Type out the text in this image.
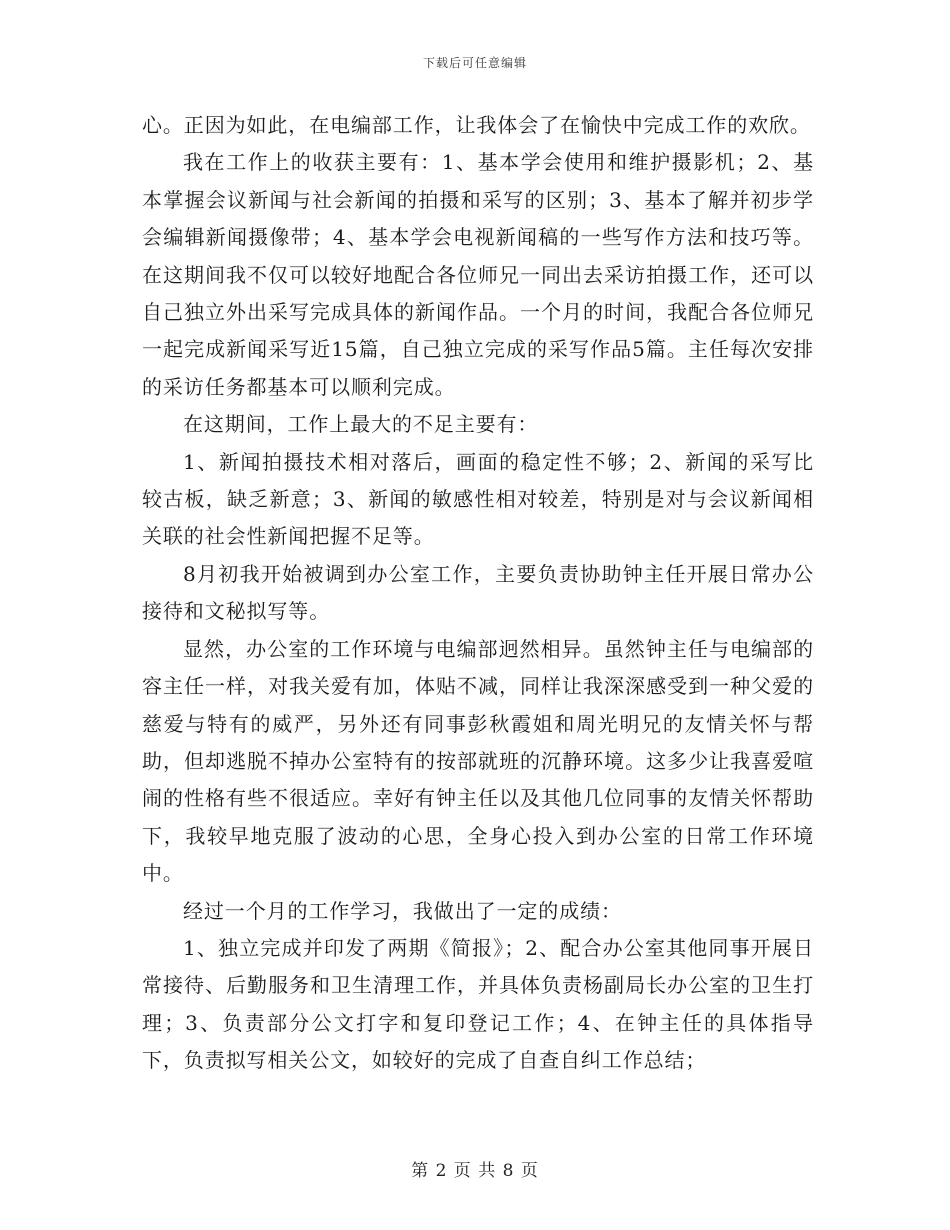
下载后可任意编辑

心。正因为如此，在电编部工作，让我体会了在愉快中完成工作的欢欣。

我在工作上的收获主要有：1、基本学会使用和维护摄影机；2、基本掌握会议新闻与社会新闻的拍摄和采写的区别；3、基本了解并初步学会编辑新闻摄像带；4、基本学会电视新闻稿的一些写作方法和技巧等。在这期间我不仅可以较好地配合各位师兄一同出去采访拍摄工作，还可以自己独立外出采写完成具体的新闻作品。一个月的时间，我配合各位师兄一起完成新闻采写近15篇，自己独立完成的采写作品5篇。主任每次安排的采访任务都基本可以顺利完成。

在这期间，工作上最大的不足主要有：

1、新闻拍摄技术相对落后，画面的稳定性不够；2、新闻的采写比较古板，缺乏新意；3、新闻的敏感性相对较差，特别是对与会议新闻相关联的社会性新闻把握不足等。

8月初我开始被调到办公室工作，主要负责协助钟主任开展日常办公接待和文秘拟写等。

显然，办公室的工作环境与电编部迥然相异。虽然钟主任与电编部的容主任一样，对我关爱有加，体贴不减，同样让我深深感受到一种父爱的慈爱与特有的威严，另外还有同事彭秋霞姐和周光明兄的友情关怀与帮助，但却逃脱不掉办公室特有的按部就班的沉静环境。这多少让我喜爱喧闹的性格有些不很适应。幸好有钟主任以及其他几位同事的友情关怀帮助下，我较早地克服了波动的心思，全身心投入到办公室的日常工作环境中。

经过一个月的工作学习，我做出了一定的成绩：

1、独立完成并印发了两期《简报》；2、配合办公室其他同事开展日常接待、后勤服务和卫生清理工作，并具体负责杨副局长办公室的卫生打理；3、负责部分公文打字和复印登记工作；4、在钟主任的具体指导下，负责拟写相关公文，如较好的完成了自查自纠工作总结；

第 2 页 共 8 页
